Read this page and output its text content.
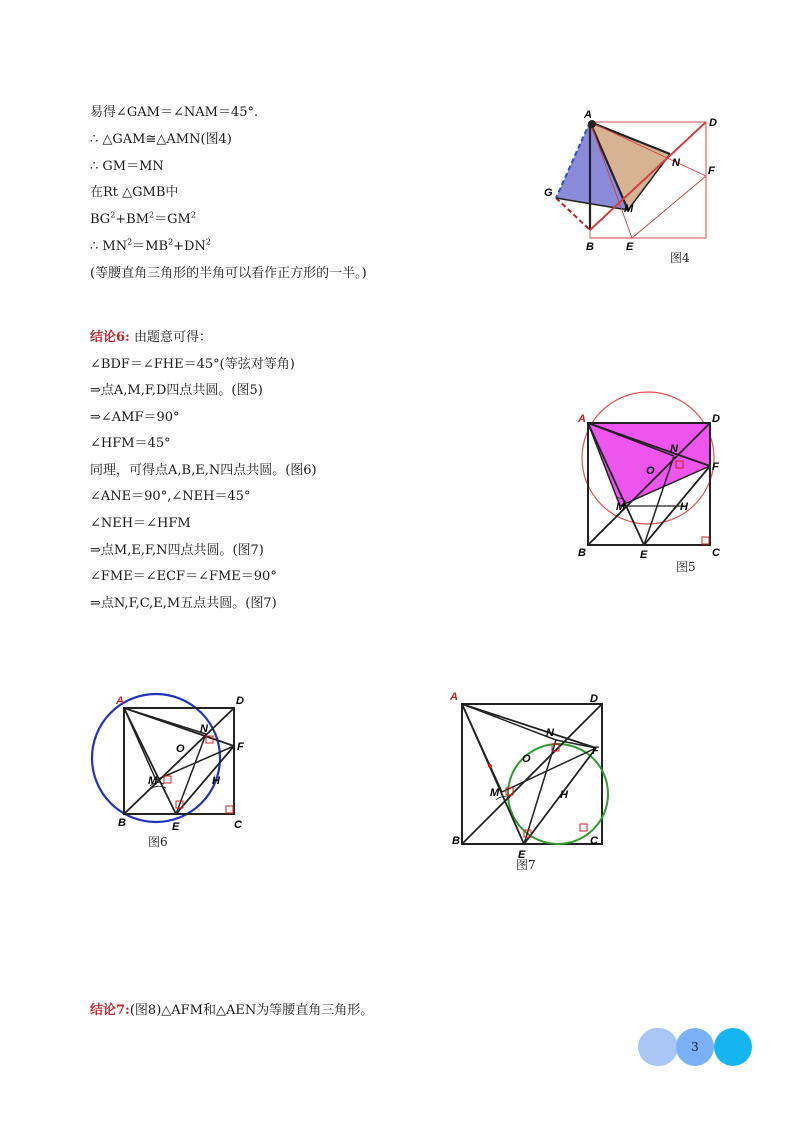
易得∠GAM＝∠NAM＝45°.
∴ △GAM≅△AMN(图4)
∴ GM＝MN
在Rt △GMB中
$BG^2+BM^2=GM^2$
∴ $MN^2=MB^2+DN^2$
(等腰直角三角形的半角可以看作正方形的一半。)
结论6: 由题意可得：
∠BDF＝∠FHE＝45°(等弦对等角)
⇒点A,M,F,D四点共圆。(图5)
⇒∠AMF＝90°
∠HFM＝45°
同理，可得点A,B,E,N四点共圆。(图6)
∠ANE＝90°,∠NEH＝45°
∠NEH＝∠HFM
⇒点M,E,F,N四点共圆。(图7)
∠FME＝∠ECF＝∠FME＝90°
⇒点N,F,C,E,M五点共圆。(图7)
结论7:(图8)△AFM和△AEN为等腰直角三角形。
A
D
N
F
G
M
B	E
图4
A	D
N
O	F
M	H
B	E	C
图5
A	D
N
O	F
M	H
B	E	C
图6
A	D
N
O
F
M	H
B
E
C
图7
3
